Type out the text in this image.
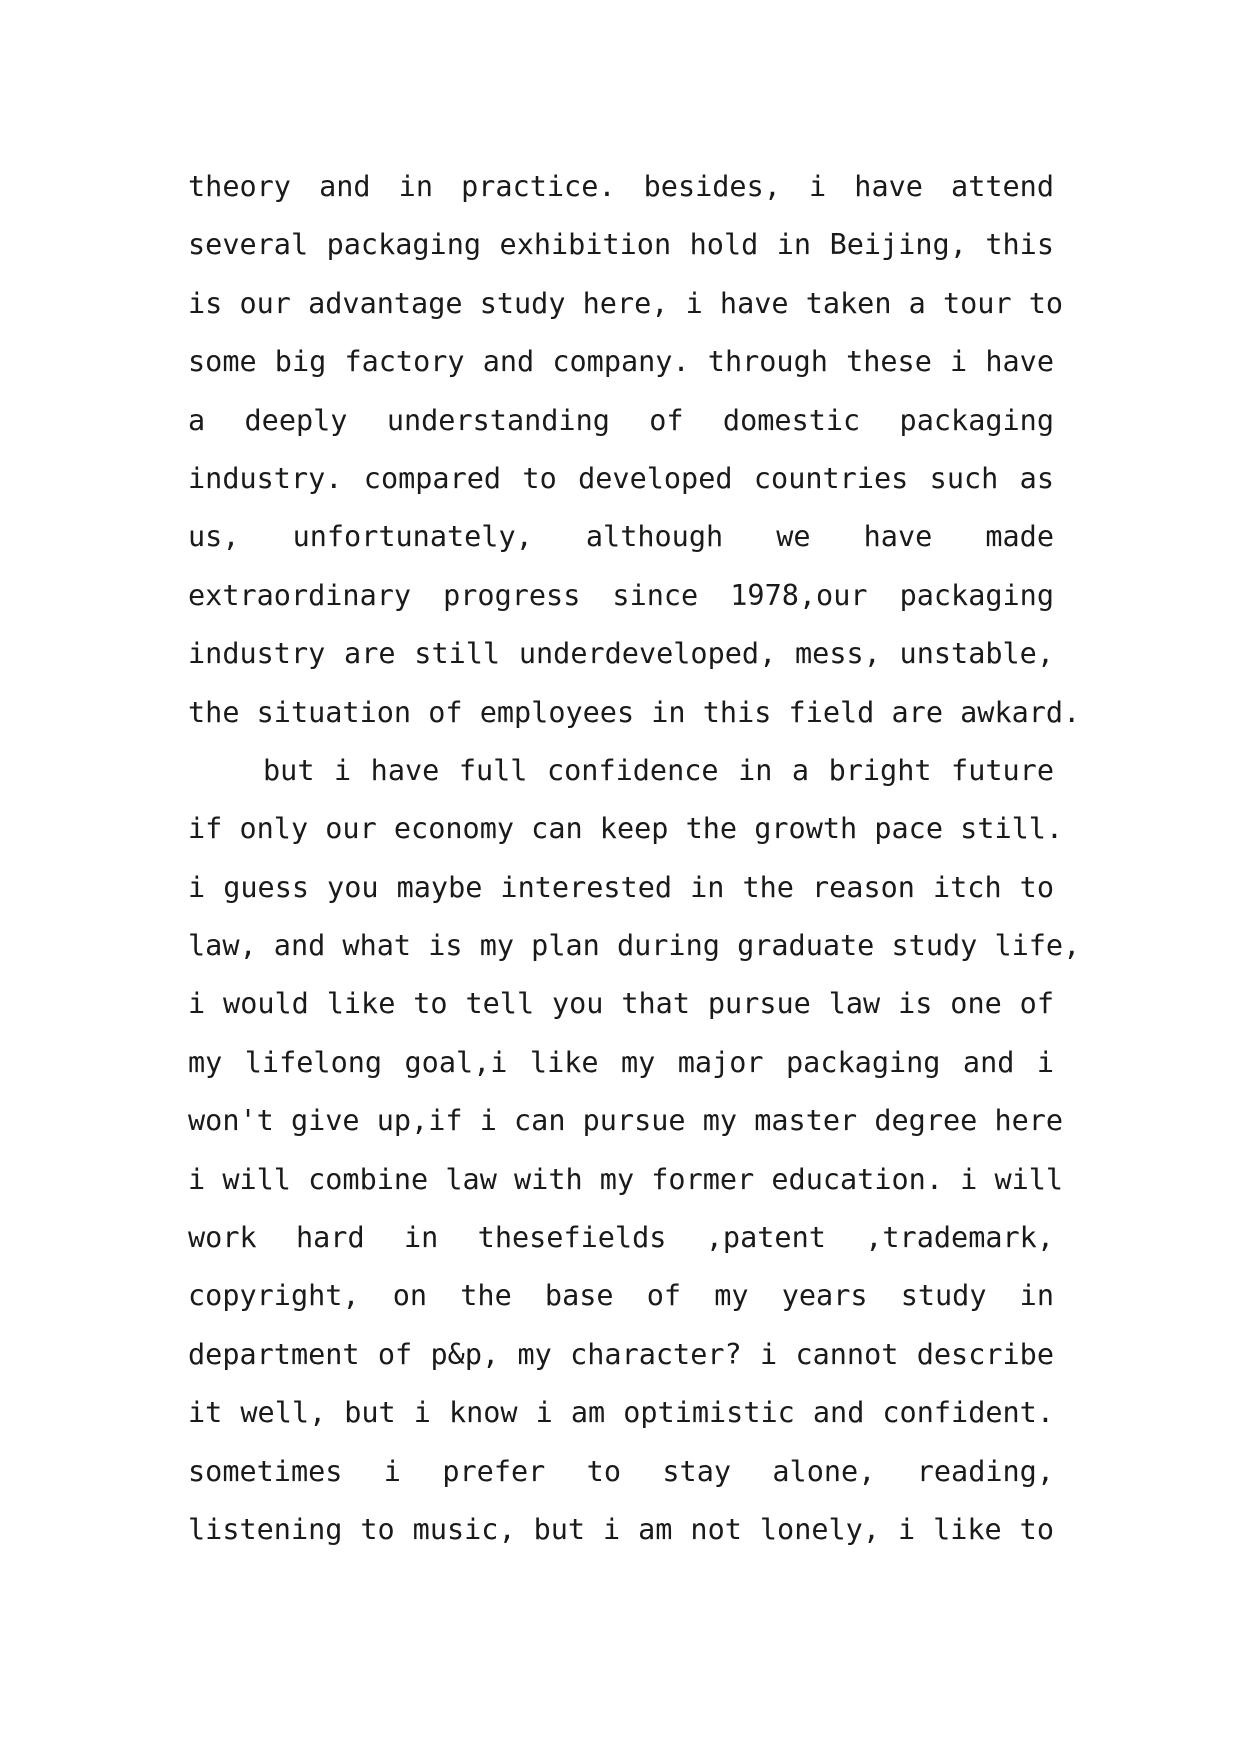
theory and in practice. besides, i have attend
several packaging exhibition hold in Beijing, this
is our advantage study here, i have taken a tour to
some big factory and company. through these i have
a deeply understanding of domestic packaging
industry. compared to developed countries such as
us, unfortunately, although we have made
extraordinary progress since 1978,our packaging
industry are still underdeveloped, mess, unstable,
the situation of employees in this field are awkard.
but i have full confidence in a bright future
if only our economy can keep the growth pace still.
i guess you maybe interested in the reason itch to
law, and what is my plan during graduate study life,
i would like to tell you that pursue law is one of
my lifelong goal,i like my major packaging and i
won't give up,if i can pursue my master degree here
i will combine law with my former education. i will
work hard in thesefields ,patent ,trademark,
copyright, on the base of my years study in
department of p&p, my character? i cannot describe
it well, but i know i am optimistic and confident.
sometimes i prefer to stay alone, reading,
listening to music, but i am not lonely, i like to
